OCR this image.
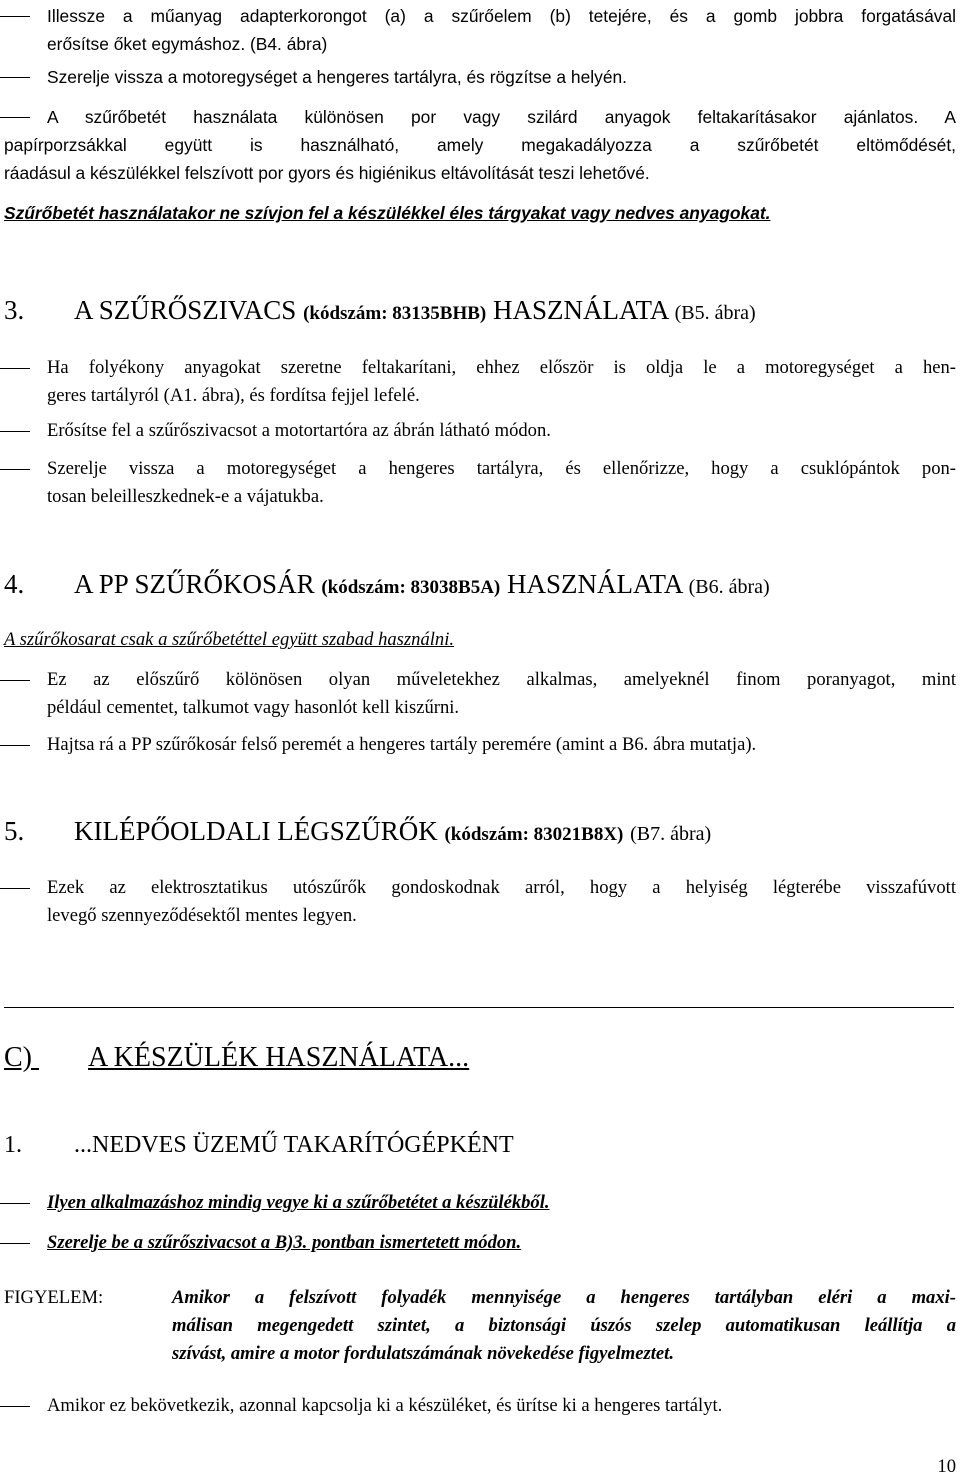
Illessze a műanyag adapterkorongot (a) a szűrőelem (b) tetejére, és a gomb jobbra forgatásával
erősítse őket egymáshoz. (B4. ábra)
Szerelje vissza a motoregységet a hengeres tartályra, és rögzítse a helyén.
A szűrőbetét használata különösen por vagy szilárd anyagok feltakarításakor ajánlatos. A
papírporzsákkal együtt is használható, amely megakadályozza a szűrőbetét eltömődését,
ráadásul a készülékkel felszívott por gyors és higiénikus eltávolítását teszi lehetővé.
Szűrőbetét használatakor ne szívjon fel a készülékkel éles tárgyakat vagy nedves anyagokat.
3. A SZŰRŐSZIVACS (kódszám: 83135BHB) HASZNÁLATA (B5. ábra)
Ha folyékony anyagokat szeretne feltakarítani, ehhez először is oldja le a motoregységet a hen-
geres tartályról (A1. ábra), és fordítsa fejjel lefelé.
Erősítse fel a szűrőszivacsot a motortartóra az ábrán látható módon.
Szerelje vissza a motoregységet a hengeres tartályra, és ellenőrizze, hogy a csuklópántok pon-
tosan beleilleszkednek-e a vájatukba.
4. A PP SZŰRŐKOSÁR (kódszám: 83038B5A) HASZNÁLATA (B6. ábra)
A szűrőkosarat csak a szűrőbetéttel együtt szabad használni.
Ez az előszűrő kölönösen olyan műveletekhez alkalmas, amelyeknél finom poranyagot, mint
például cementet, talkumot vagy hasonlót kell kiszűrni.
Hajtsa rá a PP szűrőkosár felső peremét a hengeres tartály peremére (amint a B6. ábra mutatja).
5. KILÉPŐOLDALI LÉGSZŰRŐK (kódszám: 83021B8X) (B7. ábra)
Ezek az elektrosztatikus utószűrők gondoskodnak arról, hogy a helyiség légterébe visszafúvott
levegő szennyeződésektől mentes legyen.
C) A KÉSZÜLÉK HASZNÁLATA...
1. ...NEDVES ÜZEMŰ TAKARÍTÓGÉPKÉNT
Ilyen alkalmazáshoz mindig vegye ki a szűrőbetétet a készülékből.
Szerelje be a szűrőszivacsot a B)3. pontban ismertetett módon.
FIGYELEM:	Amikor a felszívott folyadék mennyisége a hengeres tartályban eléri a maxi-
málisan megengedett szintet, a biztonsági úszós szelep automatikusan leállítja a
szívást, amire a motor fordulatszámának növekedése figyelmeztet.
Amikor ez bekövetkezik, azonnal kapcsolja ki a készüléket, és ürítse ki a hengeres tartályt.
10
